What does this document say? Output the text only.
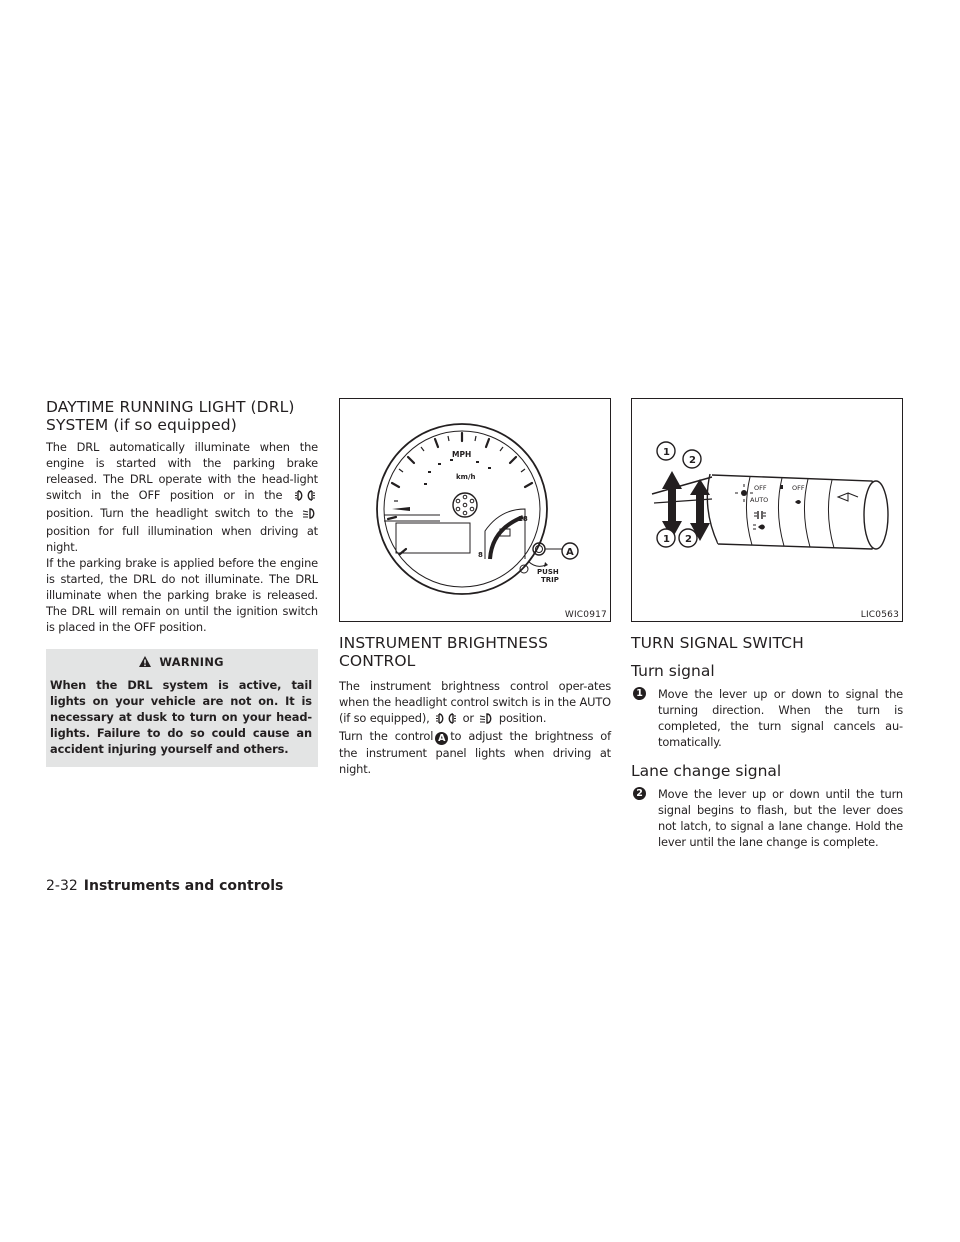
DAYTIME RUNNING LIGHT (DRL)
SYSTEM (if so equipped)

The DRL automatically illuminate when the engine is started with the parking brake released. The DRL operate with the head-light switch in the OFF position or in the  position. Turn the headlight switch to the  position for full illumination when driving at night.

If the parking brake is applied before the engine is started, the DRL do not illuminate. The DRL illuminate when the parking brake is released. The DRL will remain on until the ignition switch is placed in the OFF position.

WARNING
When the DRL system is active, tail lights on your vehicle are not on. It is necessary at dusk to turn on your head-lights. Failure to do so could cause an accident injuring yourself and others.
MPH
km/h
18
8	A
PUSH
TRIP
WIC0917
INSTRUMENT BRIGHTNESS
CONTROL

The instrument brightness control oper-ates when the headlight control switch is in the AUTO (if so equipped),	or position.

Turn the control A to adjust the brightness of the instrument panel lights when driving at night.

OFF
AUTO
OFF
1
2
1 2
LIC0563
TURN SIGNAL SWITCH
Turn signal
1 Move the lever up or down to signal the turning direction. When the turn is completed, the turn signal cancels au-tomatically.

Lane change signal
2 Move the lever up or down until the turn signal begins to flash, but the lever does not latch, to signal a lane change. Hold the lever until the lane change is complete.

2-32 Instruments and controls
